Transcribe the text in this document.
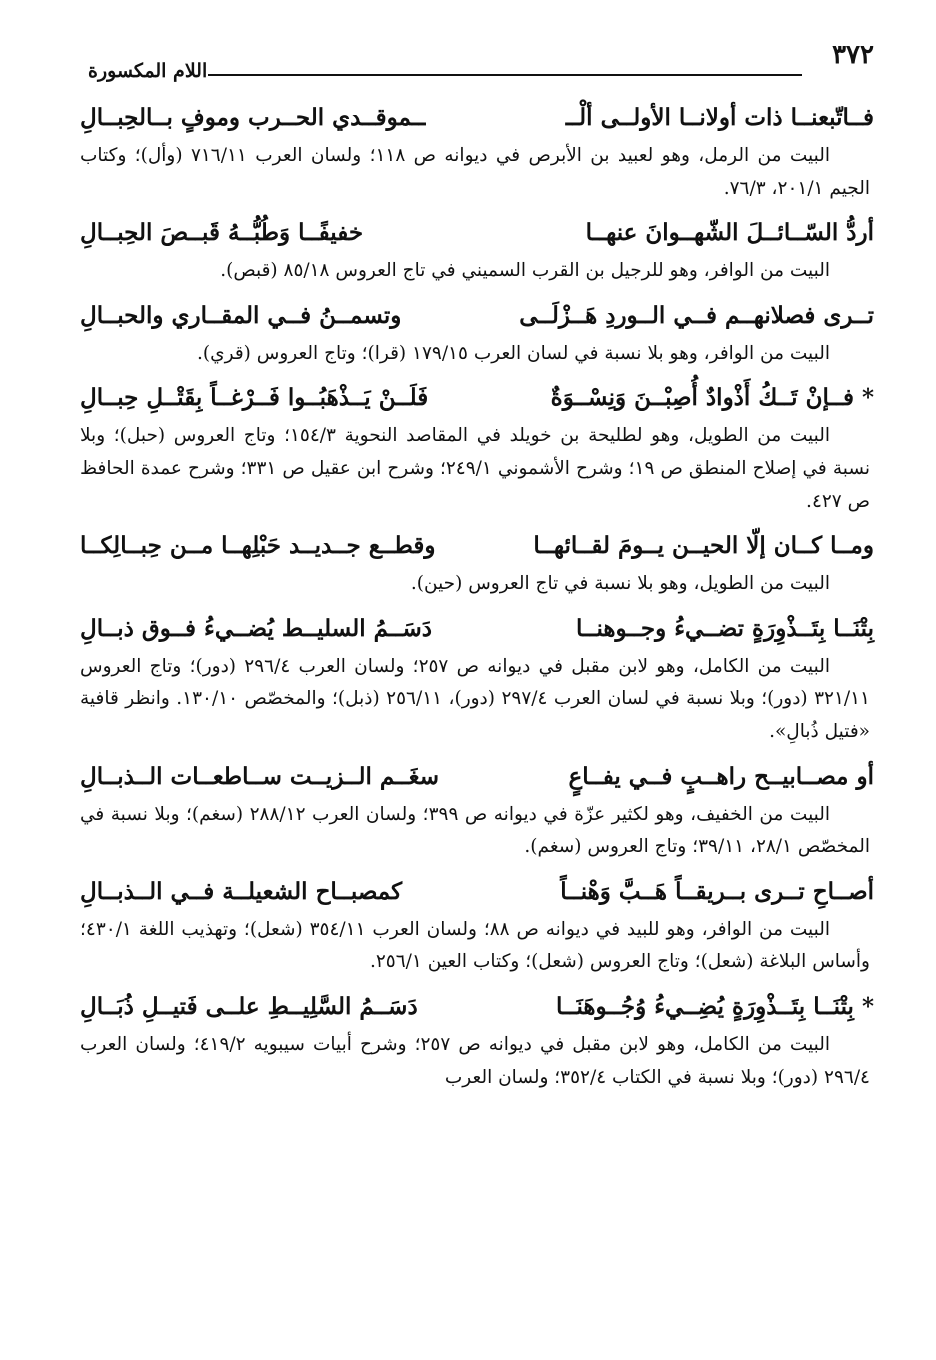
٣٧٢
اللام المكسورة
فــاتّبعنــا ذات أولانــا الأولــى ألْــ
ــموقــدي الحــرب وموفٍ بــالحِبــالِ

البيت من الرمل، وهو لعبيد بن الأبرص في ديوانه ص ١١٨؛ ولسان العرب ٧١٦/١١ (وأل)؛ وكتاب الجيم ٢٠١/١، ٧٦/٣.

أردُّ السّــائــلَ الشّهــوانَ عنهــا
خفيفًــا وَطُبُّــهُ قَبــصَ الحِبــالِ

البيت من الوافر، وهو للرجيل بن القرب السميني في تاج العروس ٨٥/١٨ (قبص).

تــرى فصلانهــم فــي الــوردِ هَــزْلَــى
وتسمــنُ فــي المقــاري والحبــالِ

البيت من الوافر، وهو بلا نسبة في لسان العرب ١٧٩/١٥ (قرا)؛ وتاج العروس (قري).

* فــإنْ تَــكُ أَذْوادٌ أُصِبْــنَ وَنِسْــوَةٌ
فَلَــنْ يَــذْهَبُــوا فَــرْغــاً بِقَتْــلِ حِبــالِ

البيت من الطويل، وهو لطليحة بن خويلد في المقاصد النحوية ١٥٤/٣؛ وتاج العروس (حبل)؛ وبلا نسبة في إصلاح المنطق ص ١٩؛ وشرح الأشموني ٢٤٩/١؛ وشرح ابن عقيل ص ٣٣١؛ وشرح عمدة الحافظ ص ٤٢٧.

ومــا كــان إلّا الحيــن يــومَ لقــائهــا
وقطــع جــديــد حَبْلِهــا مــن حِبــالِكــا

البيت من الطويل، وهو بلا نسبة في تاج العروس (حين).

بِتْنَــا بِتَــذْوِرَةٍ تضــيءُ وجــوهنــا
دَسَــمُ السليــط يُضــيءُ فــوق ذبــالِ

البيت من الكامل، وهو لابن مقبل في ديوانه ص ٢٥٧؛ ولسان العرب ٢٩٦/٤ (دور)؛ وتاج العروس ٣٢١/١١ (دور)؛ وبلا نسبة في لسان العرب ٢٩٧/٤ (دور)، ٢٥٦/١١ (ذبل)؛ والمخصّص ١٣٠/١٠. وانظر قافية «فتيل ذُبالِ».

أو مصــابيــح راهــبٍ فــي يفــاعٍ
سغَــم الــزيــت ســاطعــات الــذبــالِ

البيت من الخفيف، وهو لكثير عزّة في ديوانه ص ٣٩٩؛ ولسان العرب ٢٨٨/١٢ (سغم)؛ وبلا نسبة في المخصّص ٢٨/١، ٣٩/١١؛ وتاج العروس (سغم).

أصــاحِ تــرى بــريقــاً هَــبَّ وَهْنــاً
كمصبــاح الشعيلــة فــي الــذبــالِ

البيت من الوافر، وهو للبيد في ديوانه ص ٨٨؛ ولسان العرب ٣٥٤/١١ (شعل)؛ وتهذيب اللغة ٤٣٠/١؛ وأساس البلاغة (شعل)؛ وتاج العروس (شعل)؛ وكتاب العين ٢٥٦/١.

* بِتْنَــا بِتَــذْوِرَةٍ يُضِــيءُ وُجُــوهَنَــا
دَسَــمُ السَّلِيــطِ علــى فَتيــلِ ذُبَــالِ

البيت من الكامل، وهو لابن مقبل في ديوانه ص ٢٥٧؛ وشرح أبيات سيبويه ٤١٩/٢؛ ولسان العرب ٢٩٦/٤ (دور)؛ وبلا نسبة في الكتاب ٣٥٢/٤؛ ولسان العرب
